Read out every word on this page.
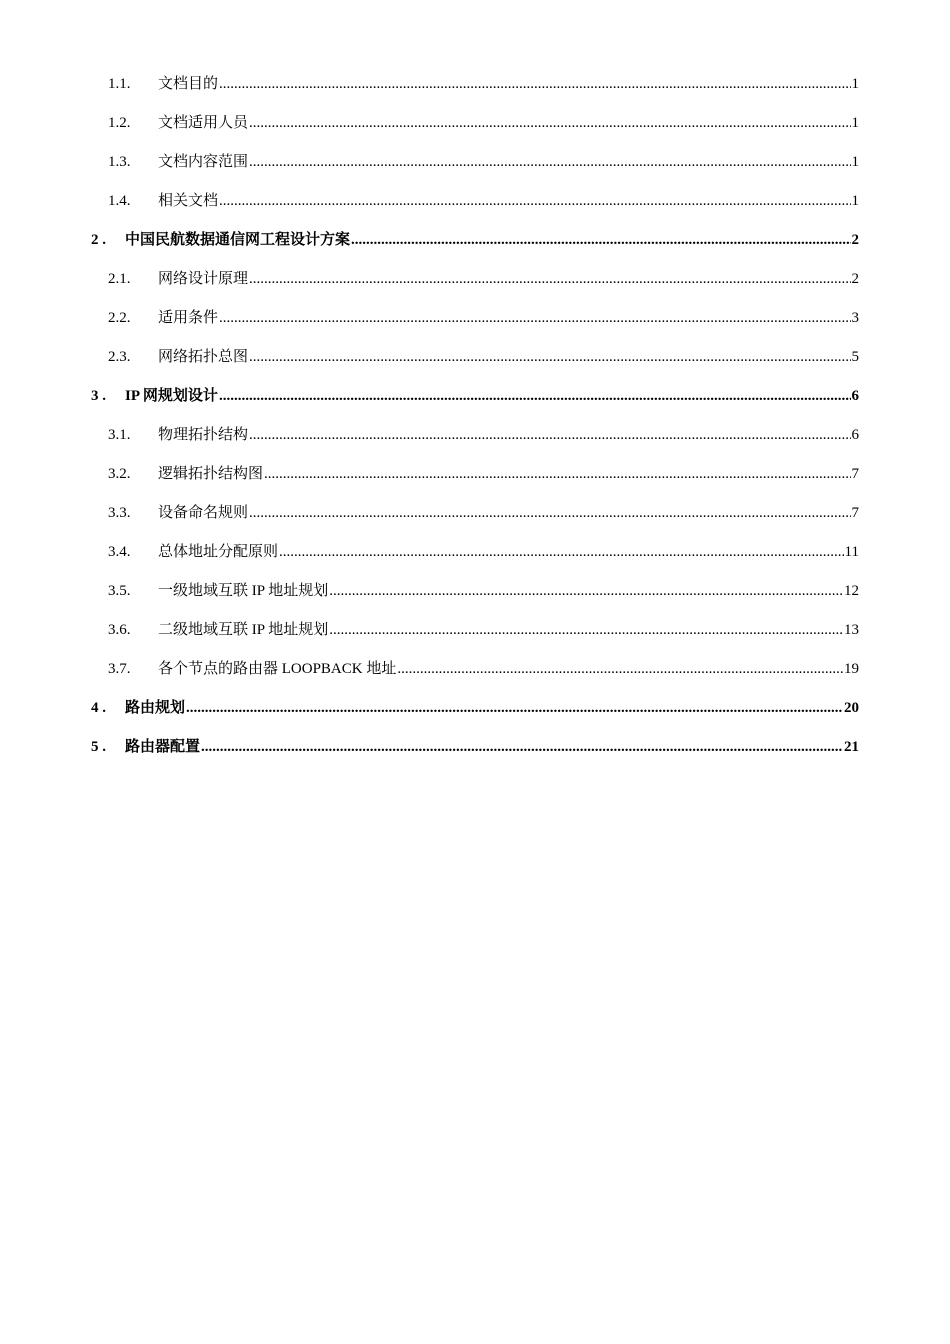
1.1. 文档目的 .....	1
1.2. 文档适用人员 .....	1
1.3. 文档内容范围 .....	1
1.4. 相关文档 .....	1
2 . 中国民航数据通信网工程设计方案 .....	2
2.1. 网络设计原理 .....	2
2.2. 适用条件 .....	3
2.3. 网络拓扑总图 .....	5
3 . IP 网规划设计 .....	6
3.1. 物理拓扑结构 .....	6
3.2. 逻辑拓扑结构图 .....	7
3.3. 设备命名规则 .....	7
3.4. 总体地址分配原则 .....	11
3.5. 一级地域互联 IP 地址规划 .....	12
3.6. 二级地域互联 IP 地址规划 .....	13
3.7. 各个节点的路由器 LOOPBACK 地址 .....	19
4 . 路由规划 .....	20
5 . 路由器配置 .....	21
